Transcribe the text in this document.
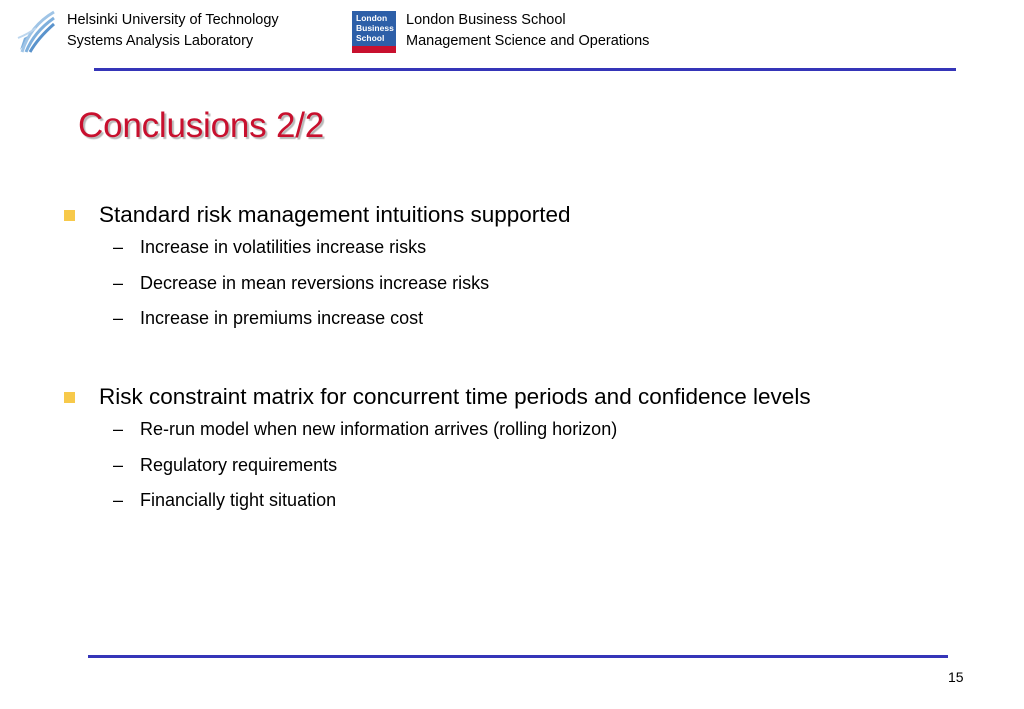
Helsinki University of Technology
Systems Analysis Laboratory
London
Business
School
London Business School
Management Science and Operations
Conclusions 2/2
Standard risk management intuitions supported
– Increase in volatilities increase risks
– Decrease in mean reversions increase risks
– Increase in premiums increase cost
Risk constraint matrix for concurrent time periods and confidence levels
– Re-run model when new information arrives (rolling horizon)
– Regulatory requirements
– Financially tight situation
15
